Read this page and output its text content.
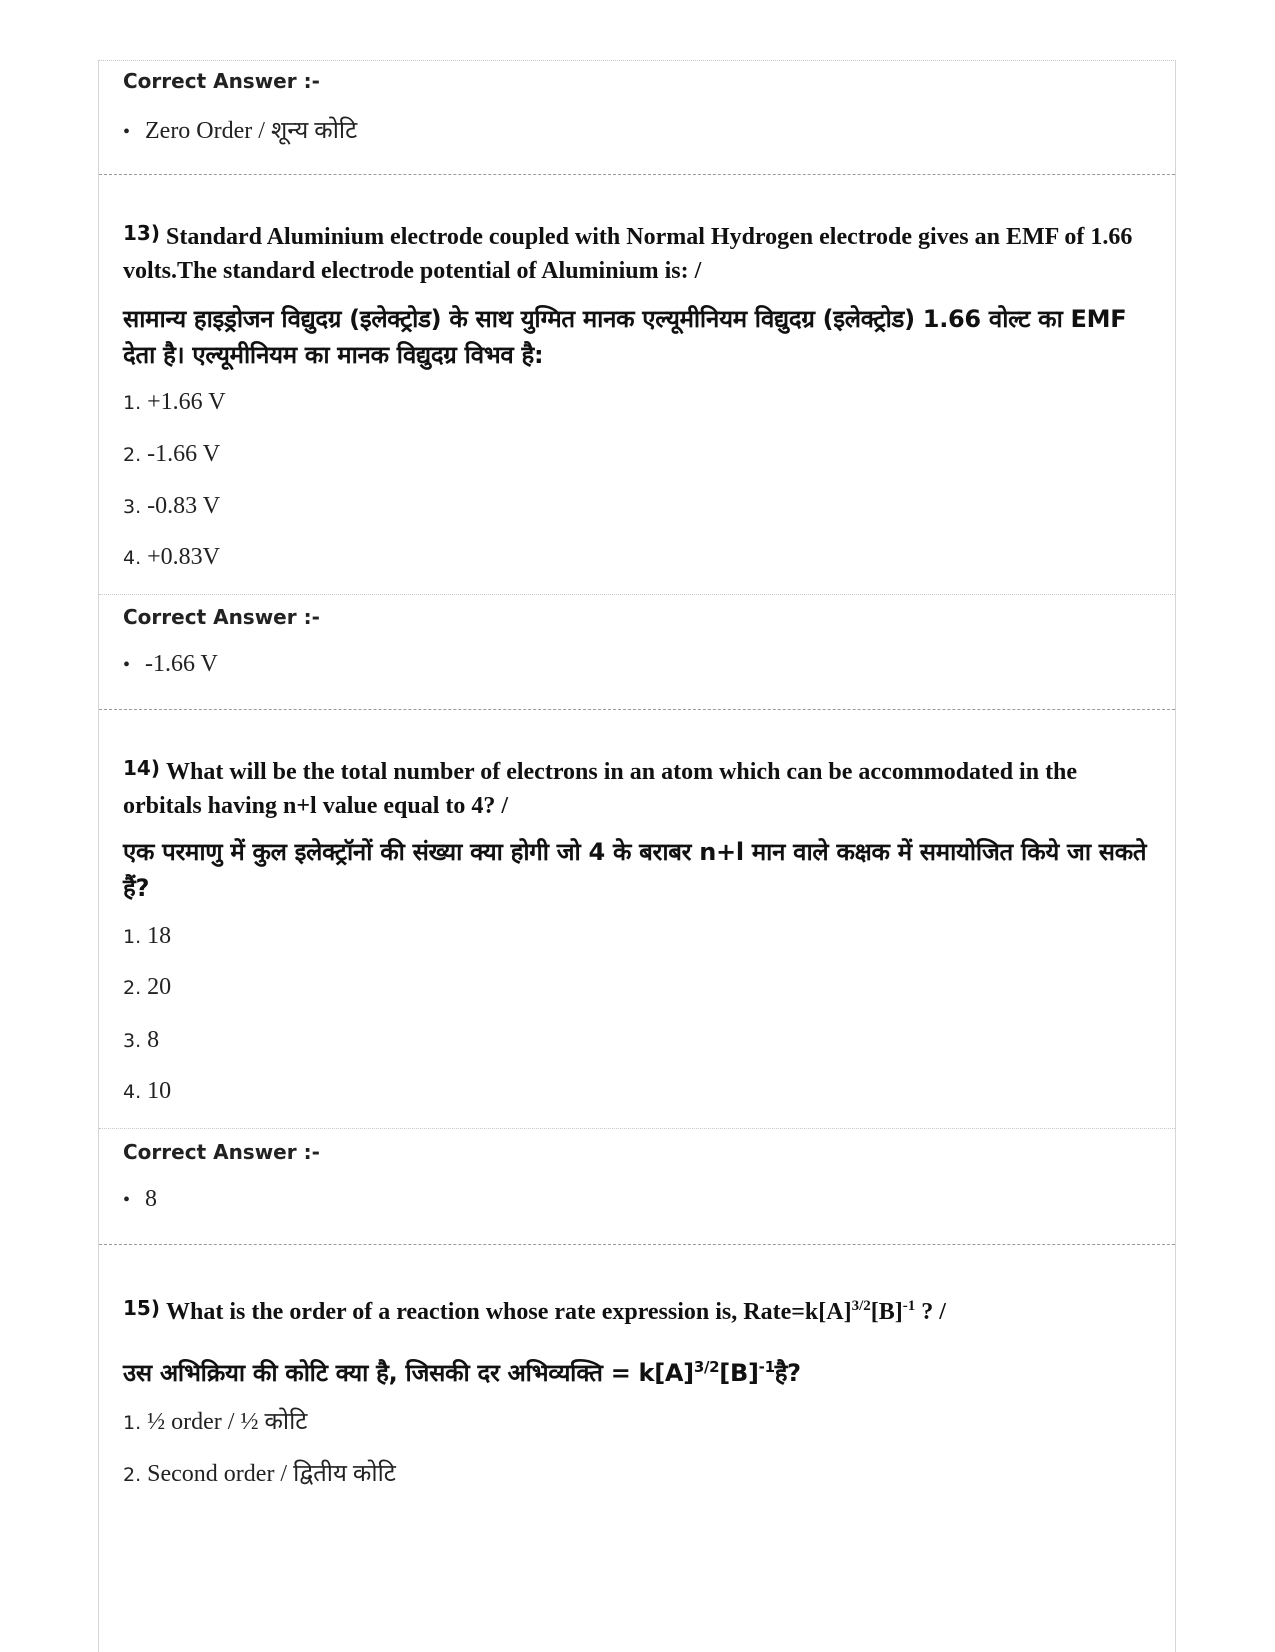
Correct Answer :-
• Zero Order / शून्य कोटि
13) Standard Aluminium electrode coupled with Normal Hydrogen electrode gives an EMF of 1.66 volts.The standard electrode potential of Aluminium is: /
सामान्य हाइड्रोजन विद्युदग्र (इलेक्ट्रोड) के साथ युग्मित मानक एल्यूमीनियम विद्युदग्र (इलेक्ट्रोड) 1.66 वोल्ट का EMF देता है। एल्यूमीनियम का मानक विद्युदग्र विभव है:
1. +1.66 V
2. -1.66 V
3. -0.83 V
4. +0.83V
Correct Answer :-
• -1.66 V
14) What will be the total number of electrons in an atom which can be accommodated in the orbitals having n+l value equal to 4? /
एक परमाणु में कुल इलेक्ट्रॉनों की संख्या क्या होगी जो 4 के बराबर n+l मान वाले कक्षक में समायोजित किये जा सकते हैं?
1. 18
2. 20
3. 8
4. 10
Correct Answer :-
• 8
15) What is the order of a reaction whose rate expression is, $Rate=k[A]^{3/2}[B]^{-1}$ ? /
उस अभिक्रिया की कोटि क्या है, जिसकी दर अभिव्यक्ति = $k[A]^{3/2}[B]^{-1}है$?
1. ½ order / ½ कोटि
2. Second order / द्वितीय कोटि
